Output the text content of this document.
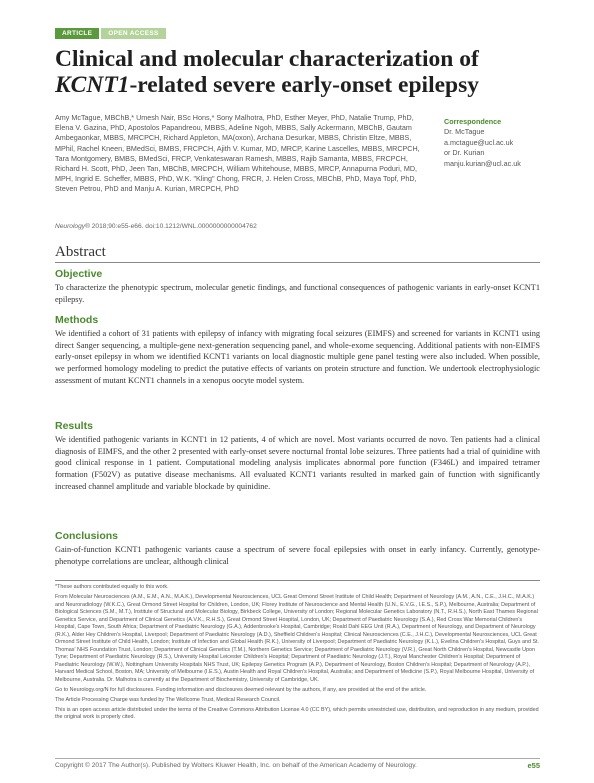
ARTICLE	OPEN ACCESS
Clinical and molecular characterization of
KCNT1-related severe early-onset epilepsy
Amy McTague, MBChB,* Umesh Nair, BSc Hons,* Sony Malhotra, PhD, Esther Meyer, PhD, Natalie Trump, PhD, Elena V. Gazina, PhD, Apostolos Papandreou, MBBS, Adeline Ngoh, MBBS, Sally Ackermann, MBChB, Gautam Ambegaonkar, MBBS, MRCPCH, Richard Appleton, MA(oxon), Archana Desurkar, MBBS, Christin Eltze, MBBS, MPhil, Rachel Kneen, BMedSci, BMBS, FRCPCH, Ajith V. Kumar, MD, MRCP, Karine Lascelles, MBBS, MRCPCH, Tara Montgomery, BMBS, BMedSci, FRCP, Venkateswaran Ramesh, MBBS, Rajib Samanta, MBBS, FRCPCH, Richard H. Scott, PhD, Jeen Tan, MBChB, MRCPCH, William Whitehouse, MBBS, MRCP, Annapurna Poduri, MD, MPH, Ingrid E. Scheffer, MBBS, PhD, W.K. "Kling" Chong, FRCR, J. Helen Cross, MBChB, PhD, Maya Topf, PhD, Steven Petrou, PhD and Manju A. Kurian, MRCPCH, PhD
Neurology® 2018;90:e55-e66. doi:10.1212/WNL.0000000000004762
Correspondence
Dr. McTague
a.mctague@ucl.ac.uk
or Dr. Kurian
manju.kurian@ucl.ac.uk
Abstract
Objective
To characterize the phenotypic spectrum, molecular genetic findings, and functional consequences of pathogenic variants in early-onset KCNT1 epilepsy.
Methods
We identified a cohort of 31 patients with epilepsy of infancy with migrating focal seizures (EIMFS) and screened for variants in KCNT1 using direct Sanger sequencing, a multiple-gene next-generation sequencing panel, and whole-exome sequencing. Additional patients with non-EIMFS early-onset epilepsy in whom we identified KCNT1 variants on local diagnostic multiple gene panel testing were also included. When possible, we performed homology modeling to predict the putative effects of variants on protein structure and function. We undertook electrophysiologic assessment of mutant KCNT1 channels in a xenopus oocyte model system.
Results
We identified pathogenic variants in KCNT1 in 12 patients, 4 of which are novel. Most variants occurred de novo. Ten patients had a clinical diagnosis of EIMFS, and the other 2 presented with early-onset severe nocturnal frontal lobe seizures. Three patients had a trial of quinidine with good clinical response in 1 patient. Computational modeling analysis implicates abnormal pore function (F346L) and impaired tetramer formation (F502V) as putative disease mechanisms. All evaluated KCNT1 variants resulted in marked gain of function with significantly increased channel amplitude and variable blockade by quinidine.
Conclusions
Gain-of-function KCNT1 pathogenic variants cause a spectrum of severe focal epilepsies with onset in early infancy. Currently, genotype-phenotype correlations are unclear, although clinical

*These authors contributed equally to this work.

From Molecular Neurosciences (A.M., E.M., A.N., M.A.K.), Developmental Neurosciences, UCL Great Ormond Street Institute of Child Health; Department of Neurology (A.M., A.N., C.E., J.H.C., M.A.K.) and Neuroradiology (W.K.C.), Great Ormond Street Hospital for Children, London, UK; Florey Institute of Neuroscience and Mental Health (U.N., E.V.G., I.E.S., S.P.), Melbourne, Australia; Department of Biological Sciences (S.M., M.T.), Institute of Structural and Molecular Biology, Birkbeck College, University of London; Regional Molecular Genetics Laboratory (N.T., R.H.S.), North East Thames Regional Genetics Service, and Department of Clinical Genetics (A.V.K., R.H.S.), Great Ormond Street Hospital, London, UK; Department of Paediatric Neurology (S.A.), Red Cross War Memorial Children's Hospital, Cape Town, South Africa; Department of Paediatric Neurology (G.A.), Addenbrooke's Hospital, Cambridge; Roald Dahl EEG Unit (R.A.), Department of Neurology, and Department of Neurology (R.K.), Alder Hey Children's Hospital, Liverpool; Department of Paediatric Neurology (A.D.), Sheffield Children's Hospital; Clinical Neurosciences (C.E., J.H.C.), Developmental Neurosciences, UCL Great Ormond Street Institute of Child Health, London; Institute of Infection and Global Health (R.K.), University of Liverpool; Department of Paediatric Neurology (K.L.), Evelina Children's Hospital, Guys and St. Thomas' NHS Foundation Trust, London; Department of Clinical Genetics (T.M.), Northern Genetics Service; Department of Paediatric Neurology (V.R.), Great North Children's Hospital, Newcastle Upon Tyne; Department of Paediatric Neurology (R.S.), University Hospital Leicester Children's Hospital; Department of Paediatric Neurology (J.T.), Royal Manchester Children's Hospital; Department of Paediatric Neurology (W.W.), Nottingham University Hospitals NHS Trust, UK; Epilepsy Genetics Program (A.P.), Department of Neurology, Boston Children's Hospital; Department of Neurology (A.P.), Harvard Medical School, Boston, MA; University of Melbourne (I.E.S.), Austin Health and Royal Children's Hospital, Australia; and Department of Medicine (S.P.), Royal Melbourne Hospital, University of Melbourne, Australia. Dr. Malhotra is currently at the Department of Biochemistry, University of Cambridge, UK.

Go to Neurology.org/N for full disclosures. Funding information and disclosures deemed relevant by the authors, if any, are provided at the end of the article.

The Article Processing Charge was funded by The Wellcome Trust, Medical Research Council.

This is an open access article distributed under the terms of the Creative Commons Attribution License 4.0 (CC BY), which permits unrestricted use, distribution, and reproduction in any medium, provided the original work is properly cited.

Copyright © 2017 The Author(s). Published by Wolters Kluwer Health, Inc. on behalf of the American Academy of Neurology.	e55
